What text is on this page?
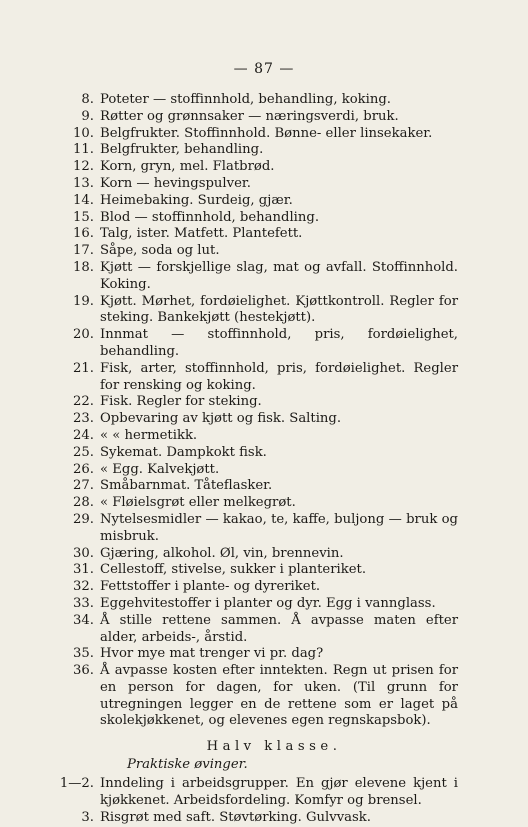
— 87 —
8. Poteter — stoffinnhold, behandling, koking.
9. Røtter og grønnsaker — næringsverdi, bruk.
10. Belgfrukter. Stoffinnhold. Bønne- eller linsekaker.
11. Belgfrukter, behandling.
12. Korn, gryn, mel. Flatbrød.
13. Korn — hevingspulver.
14. Heimebaking. Surdeig, gjær.
15. Blod — stoffinnhold, behandling.
16. Talg, ister. Matfett. Plantefett.
17. Såpe, soda og lut.
18. Kjøtt — forskjellige slag, mat og avfall. Stoffinnhold. Koking.
19. Kjøtt. Mørhet, fordøielighet. Kjøttkontroll. Regler for steking. Bankekjøtt (hestekjøtt).
20. Innmat — stoffinnhold, pris, fordøielighet, behandling.
21. Fisk, arter, stoffinnhold, pris, fordøielighet. Regler for rensking og koking.
22. Fisk. Regler for steking.
23. Opbevaring av kjøtt og fisk. Salting.
24. « « hermetikk.
25. Sykemat. Dampkokt fisk.
26. « Egg. Kalvekjøtt.
27. Småbarnmat. Tåteflasker.
28. « Fløielsgrøt eller melkegrøt.
29. Nytelsesmidler — kakao, te, kaffe, buljong — bruk og misbruk.
30. Gjæring, alkohol. Øl, vin, brennevin.
31. Cellestoff, stivelse, sukker i planteriket.
32. Fettstoffer i plante- og dyreriket.
33. Eggehvitestoffer i planter og dyr. Egg i vannglass.
34. Å stille rettene sammen. Å avpasse maten efter alder, arbeids-, årstid.
35. Hvor mye mat trenger vi pr. dag?
36. Å avpasse kosten efter inntekten. Regn ut prisen for en person for dagen, for uken. (Til grunn for utregningen legger en de rettene som er laget på skolekjøkkenet, og elevenes egen regnskapsbok).
Halv klasse.
Praktiske øvinger.
1—2. Inndeling i arbeidsgrupper. En gjør elevene kjent i kjøkkenet. Arbeidsfordeling. Komfyr og brensel.
3. Risgrøt med saft. Støvtørking. Gulvvask.
